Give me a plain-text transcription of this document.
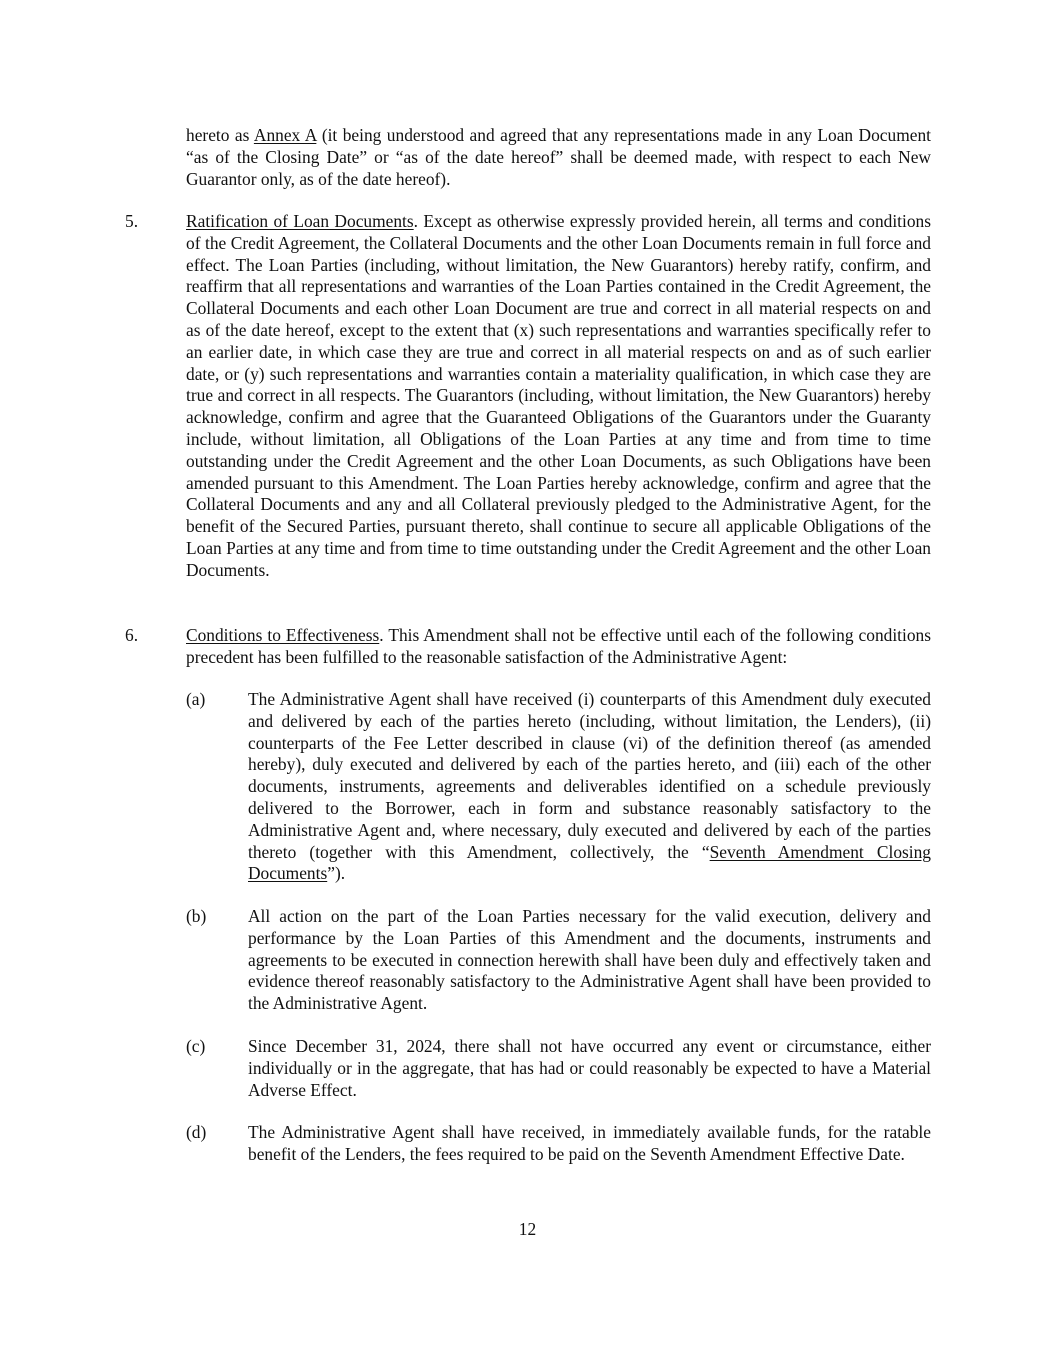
hereto as Annex A (it being understood and agreed that any representations made in any Loan Document “as of the Closing Date” or “as of the date hereof” shall be deemed made, with respect to each New Guarantor only, as of the date hereof).

5.	Ratification of Loan Documents. Except as otherwise expressly provided herein, all terms and conditions of the Credit Agreement, the Collateral Documents and the other Loan Documents remain in full force and effect. The Loan Parties (including, without limitation, the New Guarantors) hereby ratify, confirm, and reaffirm that all representations and warranties of the Loan Parties contained in the Credit Agreement, the Collateral Documents and each other Loan Document are true and correct in all material respects on and as of the date hereof, except to the extent that (x) such representations and warranties specifically refer to an earlier date, in which case they are true and correct in all material respects on and as of such earlier date, or (y) such representations and warranties contain a materiality qualification, in which case they are true and correct in all respects. The Guarantors (including, without limitation, the New Guarantors) hereby acknowledge, confirm and agree that the Guaranteed Obligations of the Guarantors under the Guaranty include, without limitation, all Obligations of the Loan Parties at any time and from time to time outstanding under the Credit Agreement and the other Loan Documents, as such Obligations have been amended pursuant to this Amendment. The Loan Parties hereby acknowledge, confirm and agree that the Collateral Documents and any and all Collateral previously pledged to the Administrative Agent, for the benefit of the Secured Parties, pursuant thereto, shall continue to secure all applicable Obligations of the Loan Parties at any time and from time to time outstanding under the Credit Agreement and the other Loan Documents.

6.	Conditions to Effectiveness. This Amendment shall not be effective until each of the following conditions precedent has been fulfilled to the reasonable satisfaction of the Administrative Agent:

(a) The Administrative Agent shall have received (i) counterparts of this Amendment duly executed and delivered by each of the parties hereto (including, without limitation, the Lenders), (ii) counterparts of the Fee Letter described in clause (vi) of the definition thereof (as amended hereby), duly executed and delivered by each of the parties hereto, and (iii) each of the other documents, instruments, agreements and deliverables identified on a schedule previously delivered to the Borrower, each in form and substance reasonably satisfactory to the Administrative Agent and, where necessary, duly executed and delivered by each of the parties thereto (together with this Amendment, collectively, the “Seventh Amendment Closing Documents”).

(b) All action on the part of the Loan Parties necessary for the valid execution, delivery and performance by the Loan Parties of this Amendment and the documents, instruments and agreements to be executed in connection herewith shall have been duly and effectively taken and evidence thereof reasonably satisfactory to the Administrative Agent shall have been provided to the Administrative Agent.

(c) Since December 31, 2024, there shall not have occurred any event or circumstance, either individually or in the aggregate, that has had or could reasonably be expected to have a Material Adverse Effect.

(d) The Administrative Agent shall have received, in immediately available funds, for the ratable benefit of the Lenders, the fees required to be paid on the Seventh Amendment Effective Date.

12
